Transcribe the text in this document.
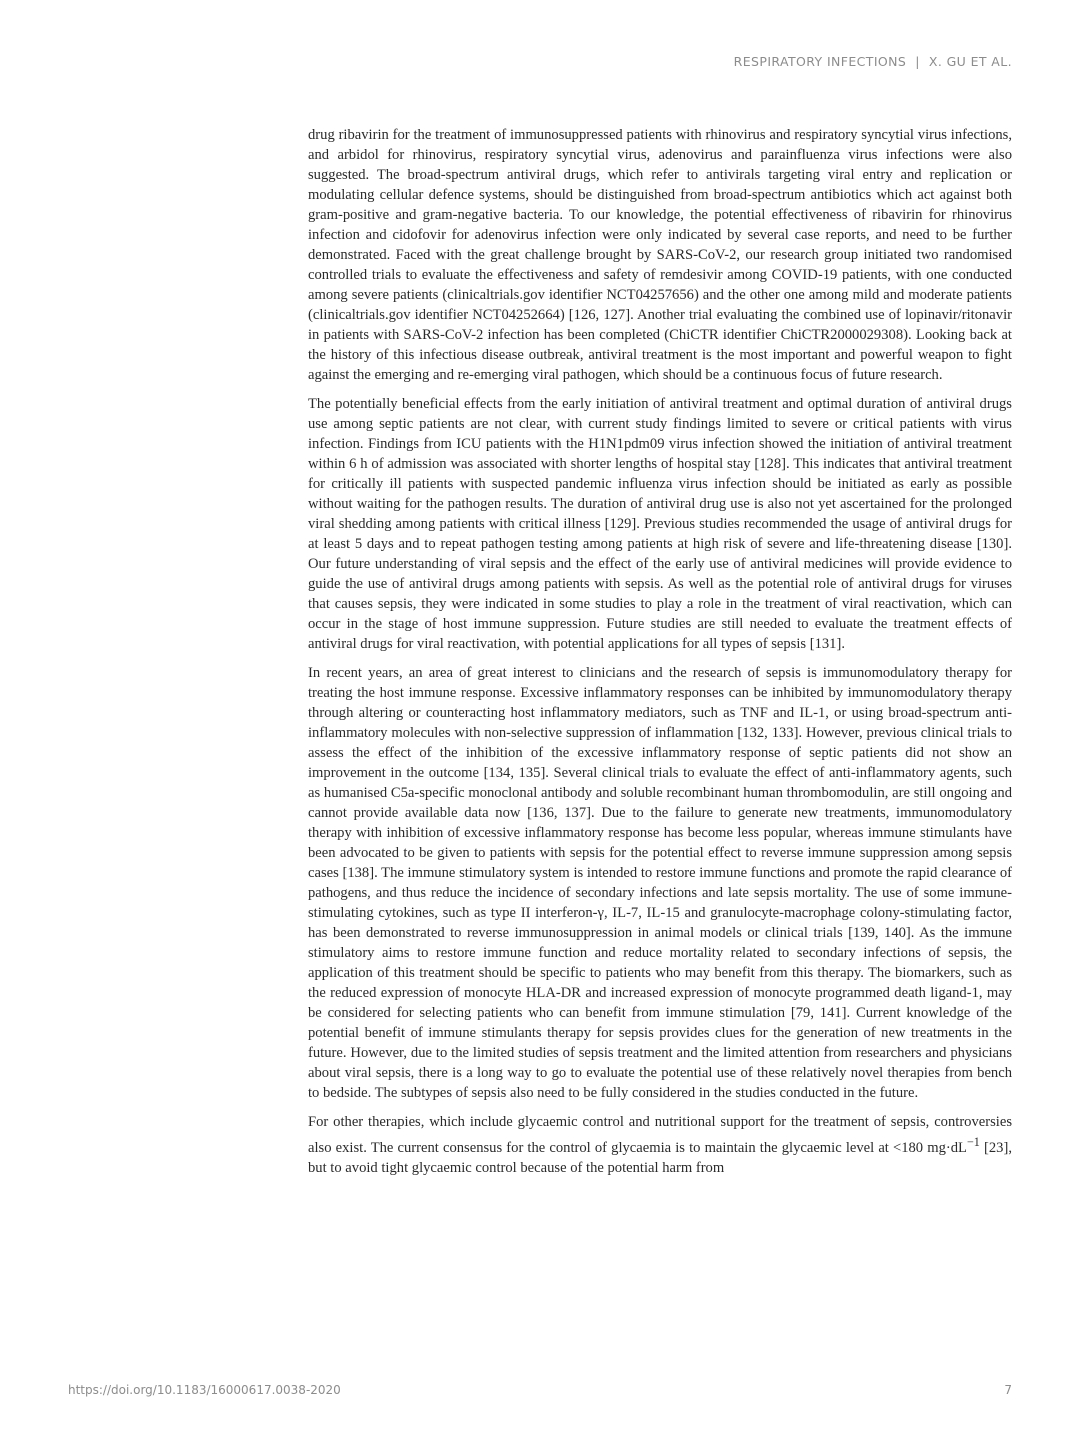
RESPIRATORY INFECTIONS | X. GU ET AL.

drug ribavirin for the treatment of immunosuppressed patients with rhinovirus and respiratory syncytial virus infections, and arbidol for rhinovirus, respiratory syncytial virus, adenovirus and parainfluenza virus infections were also suggested. The broad-spectrum antiviral drugs, which refer to antivirals targeting viral entry and replication or modulating cellular defence systems, should be distinguished from broad-spectrum antibiotics which act against both gram-positive and gram-negative bacteria. To our knowledge, the potential effectiveness of ribavirin for rhinovirus infection and cidofovir for adenovirus infection were only indicated by several case reports, and need to be further demonstrated. Faced with the great challenge brought by SARS-CoV-2, our research group initiated two randomised controlled trials to evaluate the effectiveness and safety of remdesivir among COVID-19 patients, with one conducted among severe patients (clinicaltrials.gov identifier NCT04257656) and the other one among mild and moderate patients (clinicaltrials.gov identifier NCT04252664) [126, 127]. Another trial evaluating the combined use of lopinavir/ritonavir in patients with SARS-CoV-2 infection has been completed (ChiCTR identifier ChiCTR2000029308). Looking back at the history of this infectious disease outbreak, antiviral treatment is the most important and powerful weapon to fight against the emerging and re-emerging viral pathogen, which should be a continuous focus of future research.

The potentially beneficial effects from the early initiation of antiviral treatment and optimal duration of antiviral drugs use among septic patients are not clear, with current study findings limited to severe or critical patients with virus infection. Findings from ICU patients with the H1N1pdm09 virus infection showed the initiation of antiviral treatment within 6 h of admission was associated with shorter lengths of hospital stay [128]. This indicates that antiviral treatment for critically ill patients with suspected pandemic influenza virus infection should be initiated as early as possible without waiting for the pathogen results. The duration of antiviral drug use is also not yet ascertained for the prolonged viral shedding among patients with critical illness [129]. Previous studies recommended the usage of antiviral drugs for at least 5 days and to repeat pathogen testing among patients at high risk of severe and life-threatening disease [130]. Our future understanding of viral sepsis and the effect of the early use of antiviral medicines will provide evidence to guide the use of antiviral drugs among patients with sepsis. As well as the potential role of antiviral drugs for viruses that causes sepsis, they were indicated in some studies to play a role in the treatment of viral reactivation, which can occur in the stage of host immune suppression. Future studies are still needed to evaluate the treatment effects of antiviral drugs for viral reactivation, with potential applications for all types of sepsis [131].

In recent years, an area of great interest to clinicians and the research of sepsis is immunomodulatory therapy for treating the host immune response. Excessive inflammatory responses can be inhibited by immunomodulatory therapy through altering or counteracting host inflammatory mediators, such as TNF and IL-1, or using broad-spectrum anti-inflammatory molecules with non-selective suppression of inflammation [132, 133]. However, previous clinical trials to assess the effect of the inhibition of the excessive inflammatory response of septic patients did not show an improvement in the outcome [134, 135]. Several clinical trials to evaluate the effect of anti-inflammatory agents, such as humanised C5a-specific monoclonal antibody and soluble recombinant human thrombomodulin, are still ongoing and cannot provide available data now [136, 137]. Due to the failure to generate new treatments, immunomodulatory therapy with inhibition of excessive inflammatory response has become less popular, whereas immune stimulants have been advocated to be given to patients with sepsis for the potential effect to reverse immune suppression among sepsis cases [138]. The immune stimulatory system is intended to restore immune functions and promote the rapid clearance of pathogens, and thus reduce the incidence of secondary infections and late sepsis mortality. The use of some immune-stimulating cytokines, such as type II interferon-γ, IL-7, IL-15 and granulocyte-macrophage colony-stimulating factor, has been demonstrated to reverse immunosuppression in animal models or clinical trials [139, 140]. As the immune stimulatory aims to restore immune function and reduce mortality related to secondary infections of sepsis, the application of this treatment should be specific to patients who may benefit from this therapy. The biomarkers, such as the reduced expression of monocyte HLA-DR and increased expression of monocyte programmed death ligand-1, may be considered for selecting patients who can benefit from immune stimulation [79, 141]. Current knowledge of the potential benefit of immune stimulants therapy for sepsis provides clues for the generation of new treatments in the future. However, due to the limited studies of sepsis treatment and the limited attention from researchers and physicians about viral sepsis, there is a long way to go to evaluate the potential use of these relatively novel therapies from bench to bedside. The subtypes of sepsis also need to be fully considered in the studies conducted in the future.

For other therapies, which include glycaemic control and nutritional support for the treatment of sepsis, controversies also exist. The current consensus for the control of glycaemia is to maintain the glycaemic level at <180 $mg\cdot dL^{-1}$ [23], but to avoid tight glycaemic control because of the potential harm from

https://doi.org/10.1183/16000617.0038-2020	7
